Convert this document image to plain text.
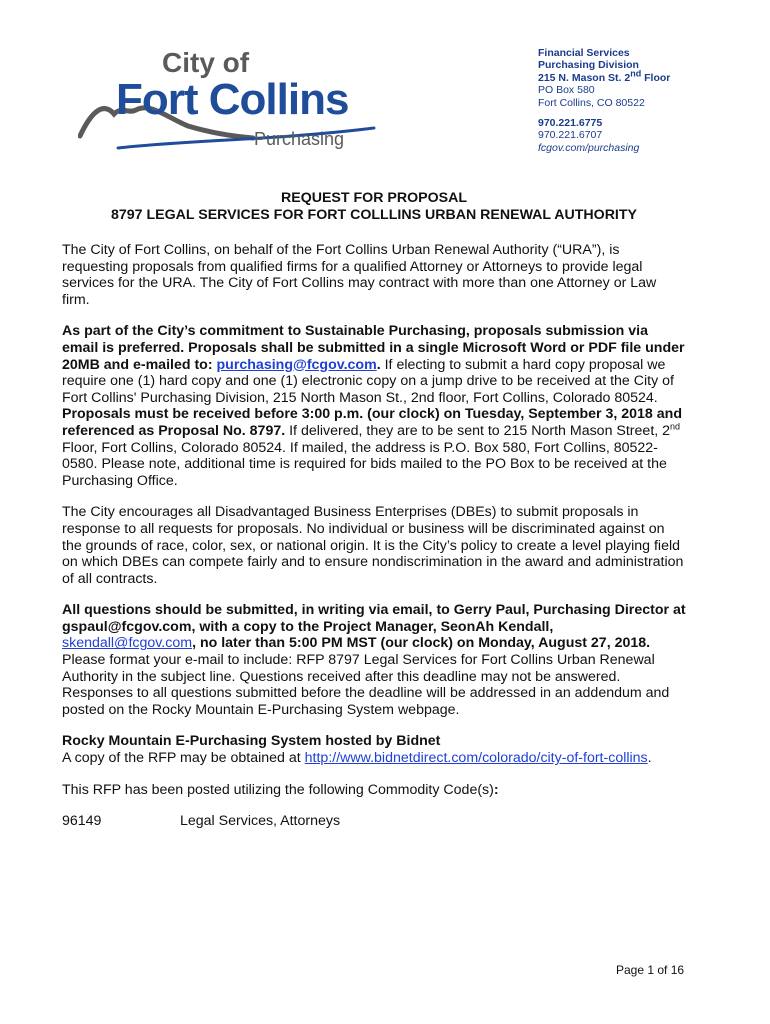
City of
Fort Collins
Purchasing
Financial Services
Purchasing Division
215 N. Mason St. 2nd Floor
PO Box 580
Fort Collins, CO 80522
970.221.6775
970.221.6707
fcgov.com/purchasing
REQUEST FOR PROPOSAL
8797 LEGAL SERVICES FOR FORT COLLLINS URBAN RENEWAL AUTHORITY

The City of Fort Collins, on behalf of the Fort Collins Urban Renewal Authority (“URA”), is requesting proposals from qualified firms for a qualified Attorney or Attorneys to provide legal services for the URA. The City of Fort Collins may contract with more than one Attorney or Law firm.

As part of the City’s commitment to Sustainable Purchasing, proposals submission via email is preferred. Proposals shall be submitted in a single Microsoft Word or PDF file under 20MB and e-mailed to: purchasing@fcgov.com. If electing to submit a hard copy proposal we require one (1) hard copy and one (1) electronic copy on a jump drive to be received at the City of Fort Collins' Purchasing Division, 215 North Mason St., 2nd floor, Fort Collins, Colorado 80524. Proposals must be received before 3:00 p.m. (our clock) on Tuesday, September 3, 2018 and referenced as Proposal No. 8797. If delivered, they are to be sent to 215 North Mason Street, 2nd Floor, Fort Collins, Colorado 80524. If mailed, the address is P.O. Box 580, Fort Collins, 80522-0580. Please note, additional time is required for bids mailed to the PO Box to be received at the Purchasing Office.

The City encourages all Disadvantaged Business Enterprises (DBEs) to submit proposals in response to all requests for proposals. No individual or business will be discriminated against on the grounds of race, color, sex, or national origin. It is the City’s policy to create a level playing field on which DBEs can compete fairly and to ensure nondiscrimination in the award and administration of all contracts.

All questions should be submitted, in writing via email, to Gerry Paul, Purchasing Director at gspaul@fcgov.com, with a copy to the Project Manager, SeonAh Kendall, skendall@fcgov.com, no later than 5:00 PM MST (our clock) on Monday, August 27, 2018. Please format your e-mail to include: RFP 8797 Legal Services for Fort Collins Urban Renewal Authority in the subject line. Questions received after this deadline may not be answered. Responses to all questions submitted before the deadline will be addressed in an addendum and posted on the Rocky Mountain E-Purchasing System webpage.

Rocky Mountain E-Purchasing System hosted by Bidnet
A copy of the RFP may be obtained at http://www.bidnetdirect.com/colorado/city-of-fort-collins.

This RFP has been posted utilizing the following Commodity Code(s):

96149	Legal Services, Attorneys
Page 1 of 16
